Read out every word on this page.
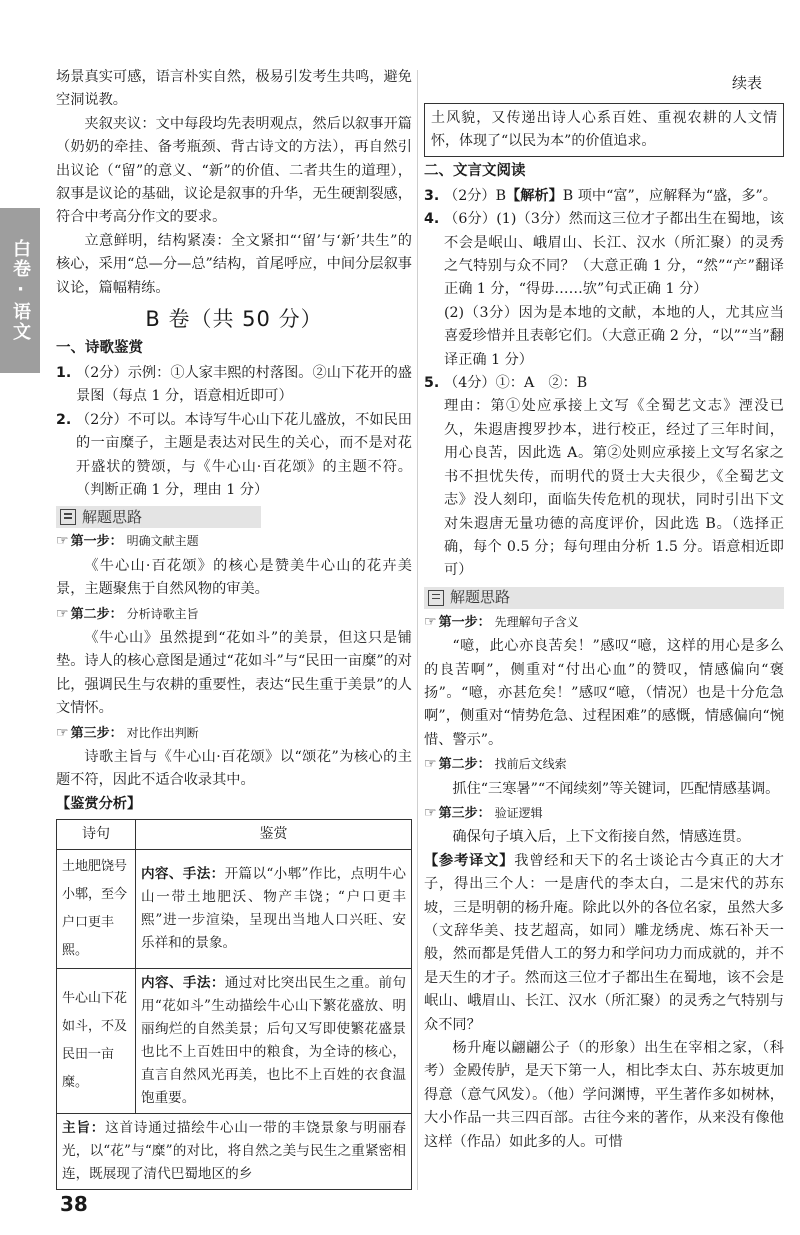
白卷·语文

场景真实可感，语言朴实自然，极易引发考生共鸣，避免空洞说教。

夹叙夹议：文中每段均先表明观点，然后以叙事开篇（奶奶的牵挂、备考瓶颈、背古诗文的方法），再自然引出议论（“留”的意义、“新”的价值、二者共生的道理），叙事是议论的基础，议论是叙事的升华，无生硬割裂感，符合中考高分作文的要求。

立意鲜明，结构紧凑：全文紧扣“‘留’与‘新’共生”的核心，采用“总—分—总”结构，首尾呼应，中间分层叙事议论，篇幅精练。

B 卷（共 50 分）
一、诗歌鉴赏
1. （2分）示例：①人家丰熙的村落图。②山下花开的盛景图（每点 1 分，语意相近即可）
2. （2分）不可以。本诗写牛心山下花儿盛放，不如民田的一亩糜子，主题是表达对民生的关心，而不是对花开盛状的赞颂，与《牛心山·百花颂》的主题不符。（判断正确 1 分，理由 1 分）
解题思路
☞ 第一步： 明确文献主题

《牛心山·百花颂》的核心是赞美牛心山的花卉美景，主题聚焦于自然风物的审美。

☞ 第二步： 分析诗歌主旨

《牛心山》虽然提到“花如斗”的美景，但这只是铺垫。诗人的核心意图是通过“花如斗”与“民田一亩糜”的对比，强调民生与农耕的重要性，表达“民生重于美景”的人文情怀。

☞ 第三步： 对比作出判断

诗歌主旨与《牛心山·百花颂》以“颂花”为核心的主题不符，因此不适合收录其中。

【鉴赏分析】
诗句	鉴赏
土地肥饶号小郫，至今户口更丰熙。	内容、手法：开篇以“小郫”作比，点明牛心山一带土地肥沃、物产丰饶；“户口更丰熙”进一步渲染，呈现出当地人口兴旺、安乐祥和的景象。
牛心山下花如斗，不及民田一亩糜。	内容、手法：通过对比突出民生之重。前句用“花如斗”生动描绘牛心山下繁花盛放、明丽绚烂的自然美景；后句又写即使繁花盛景也比不上百姓田中的粮食，为全诗的核心，直言自然风光再美，也比不上百姓的衣食温饱重要。
主旨：这首诗通过描绘牛心山一带的丰饶景象与明丽春光，以“花”与“糜”的对比，将自然之美与民生之重紧密相连，既展现了清代巴蜀地区的乡	
续表
土风貌，又传递出诗人心系百姓、重视农耕的人文情怀，体现了“以民为本”的价值追求。
二、文言文阅读
3. （2分）B【解析】B 项中“富”，应解释为“盛，多”。
4. （6分）(1)（3分）然而这三位才子都出生在蜀地，该不会是岷山、峨眉山、长江、汉水（所汇聚）的灵秀之气特别与众不同？（大意正确 1 分，“然”“产”翻译正确 1 分，“得毋……欤”句式正确 1 分）

(2)（3分）因为是本地的文献，本地的人，尤其应当喜爱珍惜并且表彰它们。（大意正确 2 分，“以”“当”翻译正确 1 分）

5. （4分）①：A　②：B

理由：第①处应承接上文写《全蜀艺文志》湮没已久，朱遐唐搜罗抄本，进行校正，经过了三年时间，用心良苦，因此选 A。第②处则应承接上文写名家之书不担忧失传，而明代的贤士大夫很少，《全蜀艺文志》没人刻印，面临失传危机的现状，同时引出下文对朱遐唐无量功德的高度评价，因此选 B。（选择正确，每个 0.5 分；每句理由分析 1.5 分。语意相近即可）

解题思路
☞ 第一步： 先理解句子含义

“噫，此心亦良苦矣！”感叹“噫，这样的用心是多么的良苦啊”，侧重对“付出心血”的赞叹，情感偏向“褒扬”。“噫，亦甚危矣！”感叹“噫，（情况）也是十分危急啊”，侧重对“情势危急、过程困难”的感慨，情感偏向“惋惜、警示”。

☞ 第二步： 找前后文线索

抓住“三寒暑”“不闻续刻”等关键词，匹配情感基调。

☞ 第三步： 验证逻辑

确保句子填入后，上下文衔接自然，情感连贯。

【参考译文】我曾经和天下的名士谈论古今真正的大才子，得出三个人：一是唐代的李太白，二是宋代的苏东坡，三是明朝的杨升庵。除此以外的各位名家，虽然大多（文辞华美、技艺超高，如同）雕龙绣虎、炼石补天一般，然而都是凭借人工的努力和学问功力而成就的，并不是天生的才子。然而这三位才子都出生在蜀地，该不会是岷山、峨眉山、长江、汉水（所汇聚）的灵秀之气特别与众不同？

杨升庵以翩翩公子（的形象）出生在宰相之家，（科考）金殿传胪，是天下第一人，相比李太白、苏东坡更加得意（意气风发）。（他）学问渊博，平生著作多如树林，大小作品一共三四百部。古往今来的著作，从来没有像他这样（作品）如此多的人。可惜

38
